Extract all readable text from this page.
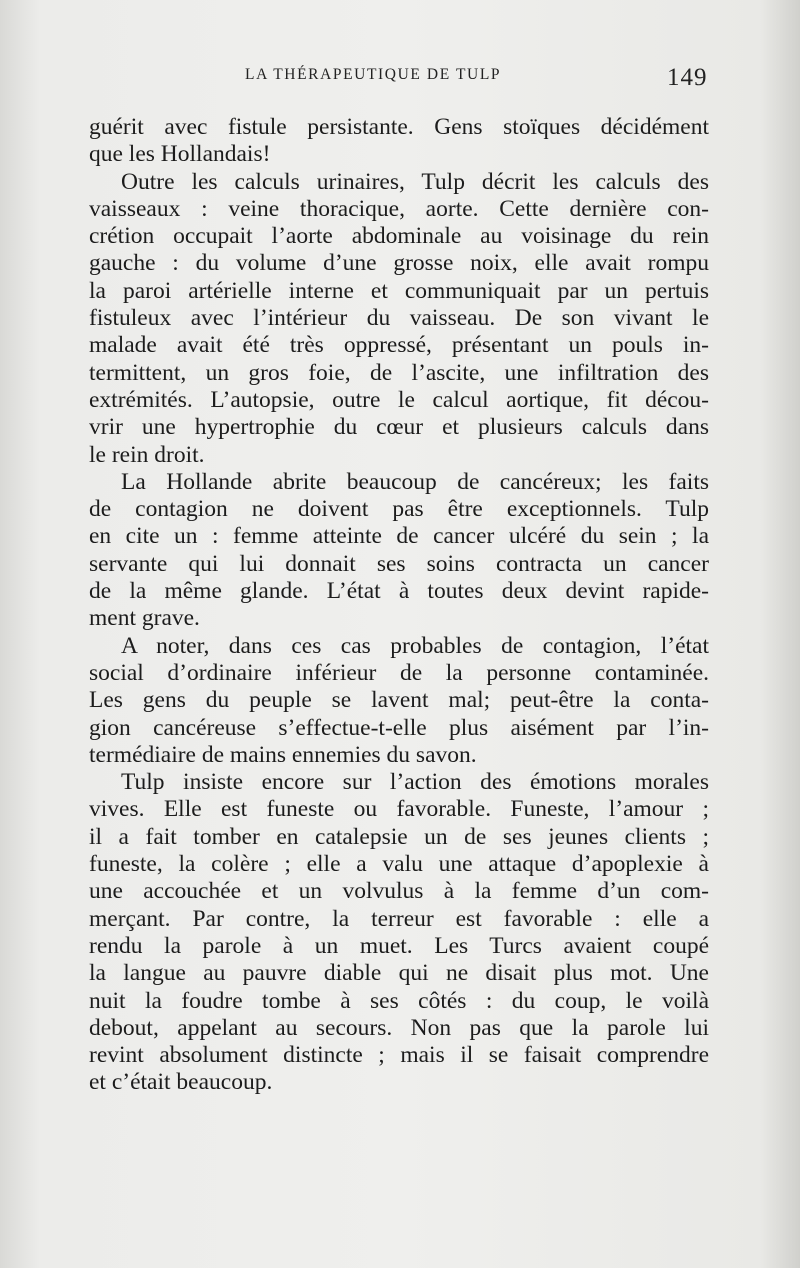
LA THÉRAPEUTIQUE DE TULP	149
guérit avec fistule persistante. Gens stoïques décidément
que les Hollandais!
Outre les calculs urinaires, Tulp décrit les calculs des
vaisseaux : veine thoracique, aorte. Cette dernière con-
crétion occupait l’aorte abdominale au voisinage du rein
gauche : du volume d’une grosse noix, elle avait rompu
la paroi artérielle interne et communiquait par un pertuis
fistuleux avec l’intérieur du vaisseau. De son vivant le
malade avait été très oppressé, présentant un pouls in-
termittent, un gros foie, de l’ascite, une infiltration des
extrémités. L’autopsie, outre le calcul aortique, fit décou-
vrir une hypertrophie du cœur et plusieurs calculs dans
le rein droit.
La Hollande abrite beaucoup de cancéreux; les faits
de contagion ne doivent pas être exceptionnels. Tulp
en cite un : femme atteinte de cancer ulcéré du sein ; la
servante qui lui donnait ses soins contracta un cancer
de la même glande. L’état à toutes deux devint rapide-
ment grave.
A noter, dans ces cas probables de contagion, l’état
social d’ordinaire inférieur de la personne contaminée.
Les gens du peuple se lavent mal; peut-être la conta-
gion cancéreuse s’effectue-t-elle plus aisément par l’in-
termédiaire de mains ennemies du savon.
Tulp insiste encore sur l’action des émotions morales
vives. Elle est funeste ou favorable. Funeste, l’amour ;
il a fait tomber en catalepsie un de ses jeunes clients ;
funeste, la colère ; elle a valu une attaque d’apoplexie à
une accouchée et un volvulus à la femme d’un com-
merçant. Par contre, la terreur est favorable : elle a
rendu la parole à un muet. Les Turcs avaient coupé
la langue au pauvre diable qui ne disait plus mot. Une
nuit la foudre tombe à ses côtés : du coup, le voilà
debout, appelant au secours. Non pas que la parole lui
revint absolument distincte ; mais il se faisait comprendre
et c’était beaucoup.
